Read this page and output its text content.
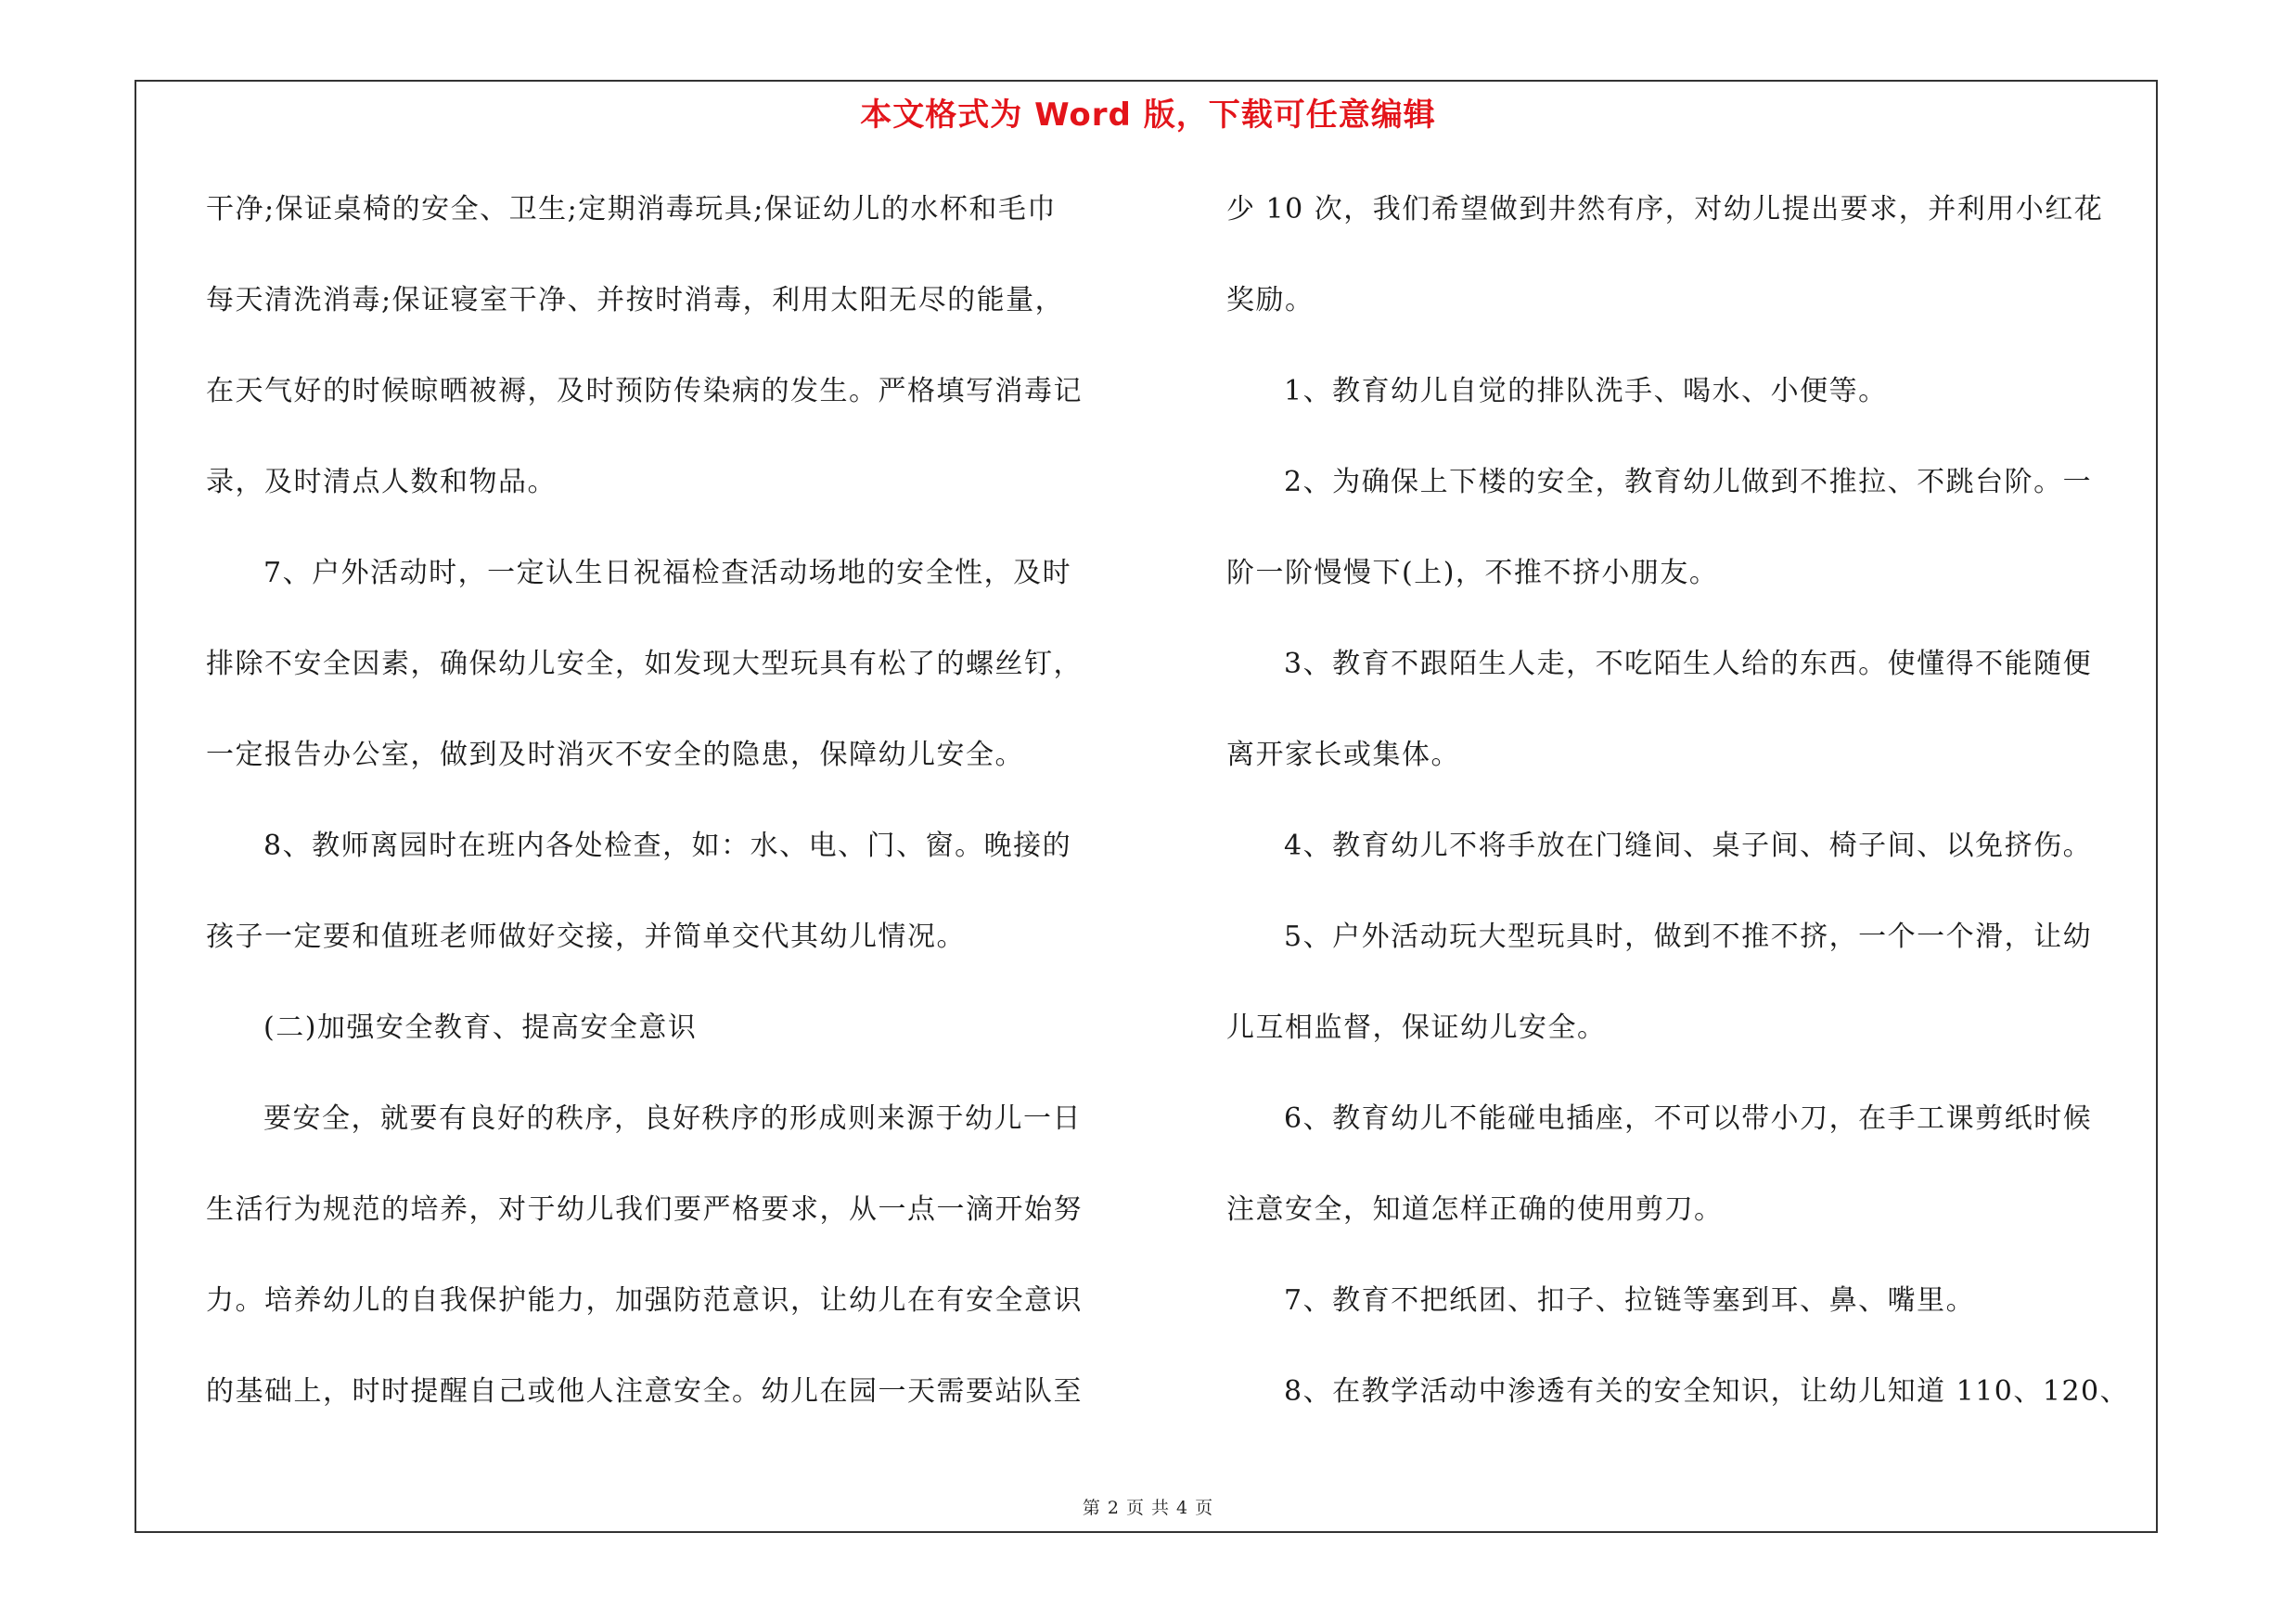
本文格式为 Word 版，下载可任意编辑
干净;保证桌椅的安全、卫生;定期消毒玩具;保证幼儿的水杯和毛巾
每天清洗消毒;保证寝室干净、并按时消毒，利用太阳无尽的能量，
在天气好的时候晾晒被褥，及时预防传染病的发生。严格填写消毒记
录，及时清点人数和物品。
7、户外活动时，一定认生日祝福检查活动场地的安全性，及时
排除不安全因素，确保幼儿安全，如发现大型玩具有松了的螺丝钉，
一定报告办公室，做到及时消灭不安全的隐患，保障幼儿安全。
8、教师离园时在班内各处检查，如：水、电、门、窗。晚接的
孩子一定要和值班老师做好交接，并简单交代其幼儿情况。
(二)加强安全教育、提高安全意识
要安全，就要有良好的秩序，良好秩序的形成则来源于幼儿一日
生活行为规范的培养，对于幼儿我们要严格要求，从一点一滴开始努
力。培养幼儿的自我保护能力，加强防范意识，让幼儿在有安全意识
的基础上，时时提醒自己或他人注意安全。幼儿在园一天需要站队至
少 10 次，我们希望做到井然有序，对幼儿提出要求，并利用小红花
奖励。
1、教育幼儿自觉的排队洗手、喝水、小便等。
2、为确保上下楼的安全，教育幼儿做到不推拉、不跳台阶。一
阶一阶慢慢下(上)，不推不挤小朋友。
3、教育不跟陌生人走，不吃陌生人给的东西。使懂得不能随便
离开家长或集体。
4、教育幼儿不将手放在门缝间、桌子间、椅子间、以免挤伤。
5、户外活动玩大型玩具时，做到不推不挤，一个一个滑，让幼
儿互相监督，保证幼儿安全。
6、教育幼儿不能碰电插座，不可以带小刀，在手工课剪纸时候
注意安全，知道怎样正确的使用剪刀。
7、教育不把纸团、扣子、拉链等塞到耳、鼻、嘴里。
8、在教学活动中渗透有关的安全知识，让幼儿知道 110、120、
第 2 页 共 4 页
